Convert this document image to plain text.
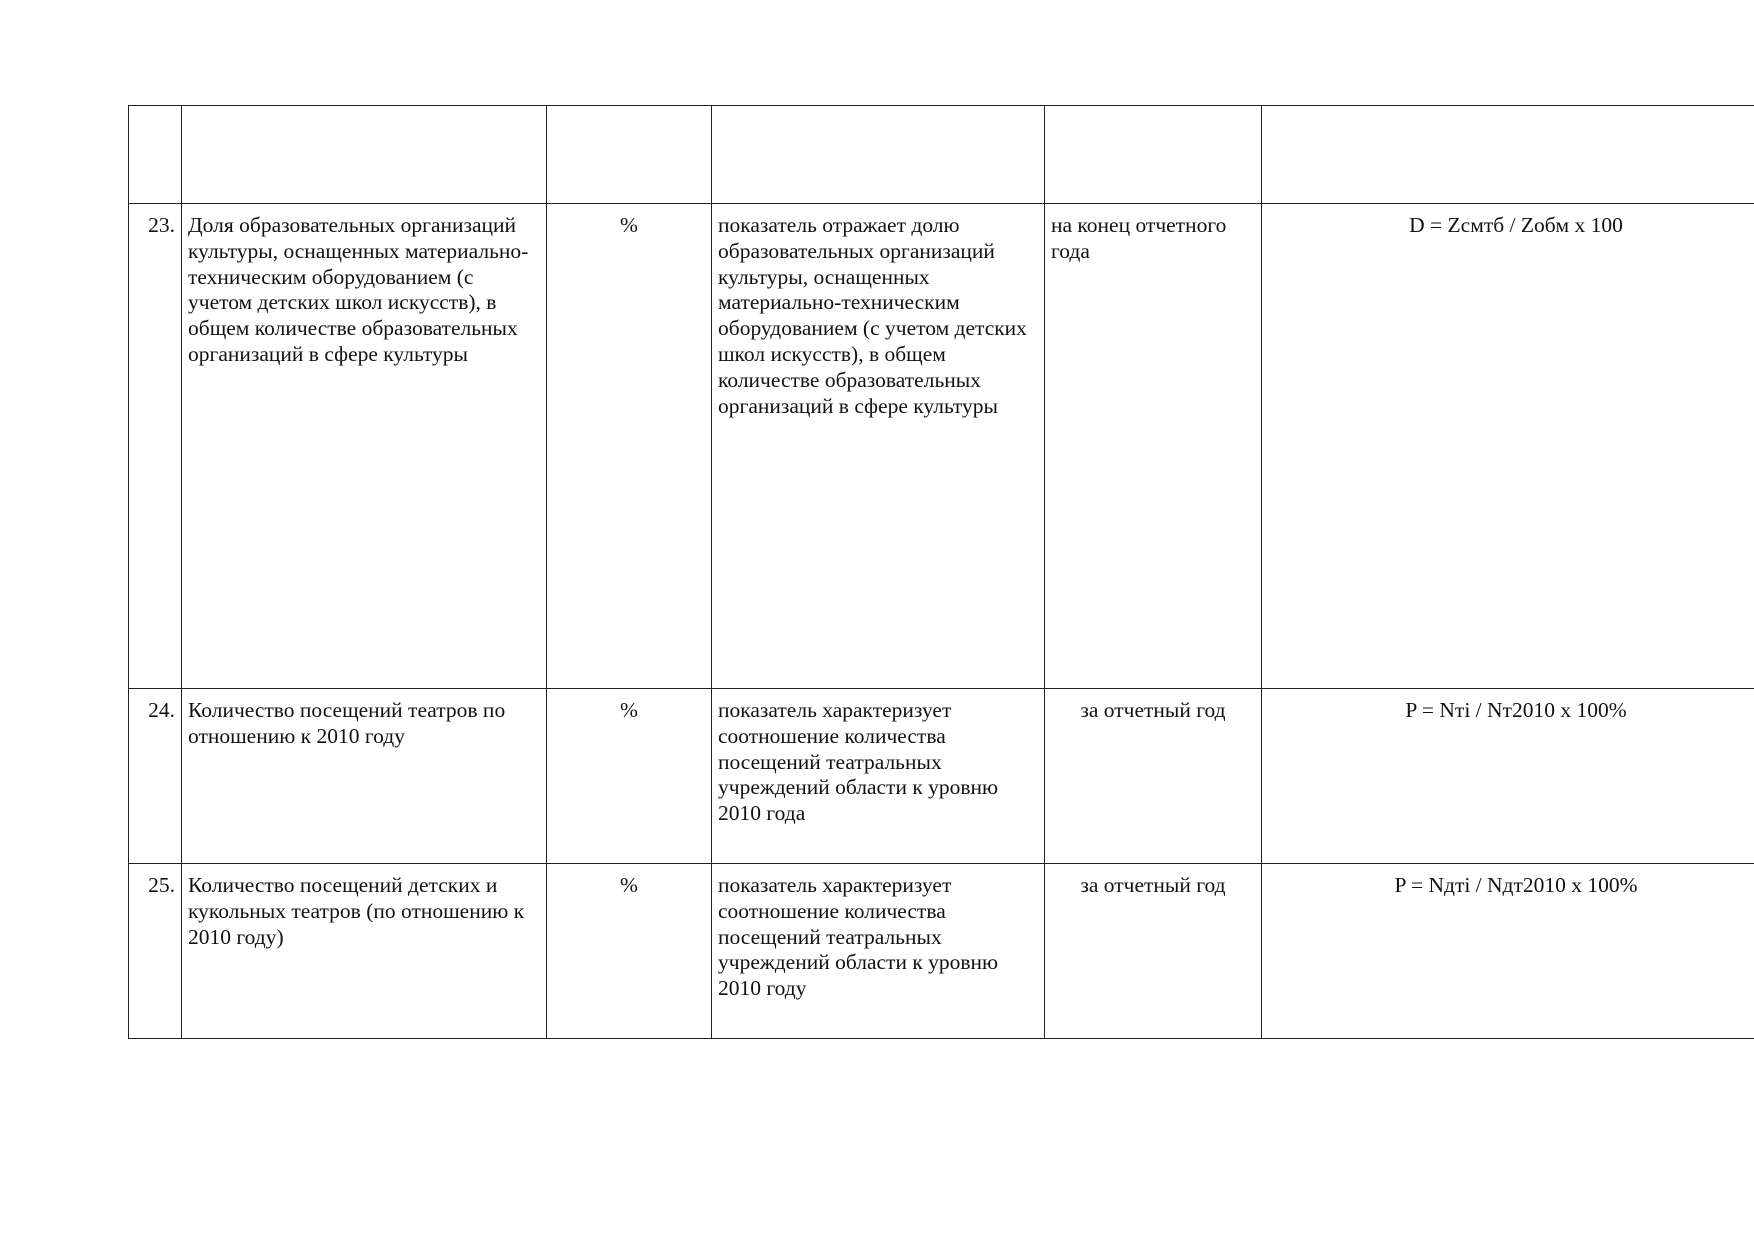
23.	Доля образовательных организаций культуры, оснащенных материально-техническим оборудованием (с учетом детских школ искусств), в общем количестве образовательных организаций в сфере культуры	%	показатель отражает долю образовательных организаций культуры, оснащенных материально-техническим оборудованием (с учетом детских школ искусств), в общем количестве образовательных организаций в сфере культуры	на конец отчетного года	D = Zсмтб / Zобм х 100
24.	Количество посещений театров по отношению к 2010 году	%	показатель характеризует соотношение количества посещений театральных учреждений области к уровню 2010 года	за отчетный год	P = Nтi / Nт2010 х 100%
25.	Количество посещений детских и кукольных театров (по отношению к 2010 году)	%	показатель характеризует соотношение количества посещений театральных учреждений области к уровню 2010 году	за отчетный год	P = Nдтi / Nдт2010 х 100%
